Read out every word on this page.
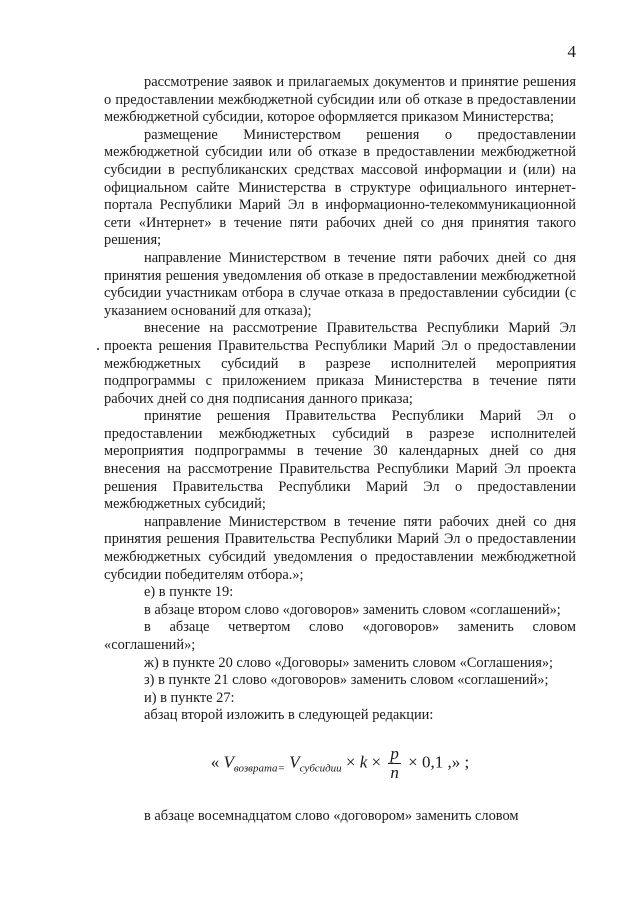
4

рассмотрение заявок и прилагаемых документов и принятие решения о предоставлении межбюджетной субсидии или об отказе в предоставлении межбюджетной субсидии, которое оформляется приказом Министерства;

размещение Министерством решения о предоставлении межбюджетной субсидии или об отказе в предоставлении межбюджетной субсидии в республиканских средствах массовой информации и (или) на официальном сайте Министерства в структуре официального интернет-портала Республики Марий Эл в информационно-телекоммуникационной сети «Интернет» в течение пяти рабочих дней со дня принятия такого решения;

направление Министерством в течение пяти рабочих дней со дня принятия решения уведомления об отказе в предоставлении межбюджетной субсидии участникам отбора в случае отказа в предоставлении субсидии (с указанием оснований для отказа);

внесение на рассмотрение Правительства Республики Марий Эл проекта решения Правительства Республики Марий Эл о предоставлении межбюджетных субсидий в разрезе исполнителей мероприятия подпрограммы с приложением приказа Министерства в течение пяти рабочих дней со дня подписания данного приказа;

принятие решения Правительства Республики Марий Эл о предоставлении межбюджетных субсидий в разрезе исполнителей мероприятия подпрограммы в течение 30 календарных дней со дня внесения на рассмотрение Правительства Республики Марий Эл проекта решения Правительства Республики Марий Эл о предоставлении межбюджетных субсидий;

направление Министерством в течение пяти рабочих дней со дня принятия решения Правительства Республики Марий Эл о предоставлении межбюджетных субсидий уведомления о предоставлении межбюджетной субсидии победителям отбора.»;

е) в пункте 19:

в абзаце втором слово «договоров» заменить словом «соглашений»;

в абзаце четвертом слово «договоров» заменить словом «соглашений»;

ж) в пункте 20 слово «Договоры» заменить словом «Соглашения»;

з) в пункте 21 слово «договоров» заменить словом «соглашений»;

и) в пункте 27:

абзац второй изложить в следующей редакции:

« $V_{возврата=}$ $V_{субсидии} \times k \times \frac{p}{n} \times 0,1$ ,» ;

в абзаце восемнадцатом слово «договором» заменить словом
